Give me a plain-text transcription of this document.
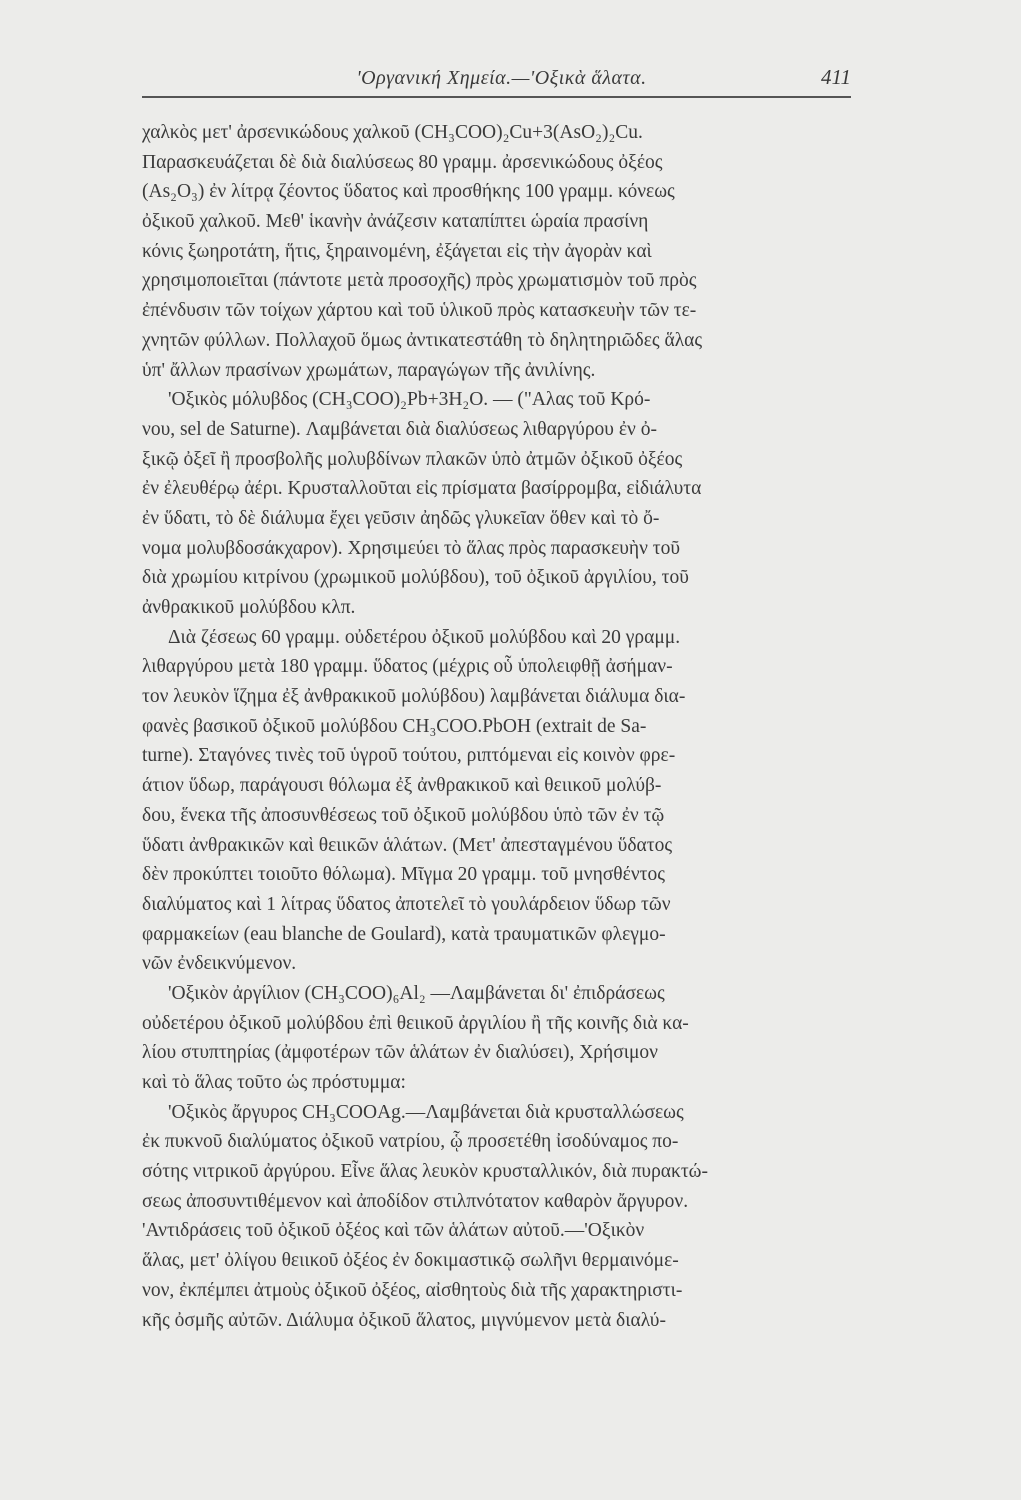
'Οργανική Χημεία.—'Οξικὰ ἅλατα.	411
χαλκὸς μετ' ἀρσενικώδους χαλκοῦ (CH₃COO)₂Cu+3(AsO₂)₂Cu.
Παρασκευάζεται δὲ διὰ διαλύσεως 80 γραμμ. ἀρσενικώδους ὀξέος
(As₂O₃) ἐν λίτρᾳ ζέοντος ὕδατος καὶ προσθήκης 100 γραμμ. κόνεως
ὀξικοῦ χαλκοῦ. Μεθ' ἱκανὴν ἀνάζεσιν καταπίπτει ὡραία πρασίνη
κόνις ξωηροτάτη, ἥτις, ξηραινομένη, ἐξάγεται εἰς τὴν ἀγορὰν καὶ
χρησιμοποιεῖται (πάντοτε μετὰ προσοχῆς) πρὸς χρωματισμὸν τοῦ πρὸς
ἐπένδυσιν τῶν τοίχων χάρτου καὶ τοῦ ὑλικοῦ πρὸς κατασκευὴν τῶν τε-
χνητῶν φύλλων. Πολλαχοῦ ὅμως ἀντικατεστάθη τὸ δηλητηριῶδες ἅλας
ὑπ' ἄλλων πρασίνων χρωμάτων, παραγώγων τῆς ἀνιλίνης.
'Οξικὸς μόλυβδος (CH₃COO)₂Pb+3H₂O. — ("Αλας τοῦ Κρό-
νου, sel de Saturne). Λαμβάνεται διὰ διαλύσεως λιθαργύρου ἐν ὀ-
ξικῷ ὀξεῖ ἢ προσβολῆς μολυβδίνων πλακῶν ὑπὸ ἀτμῶν ὀξικοῦ ὀξέος
ἐν ἐλευθέρῳ ἀέρι. Κρυσταλλοῦται εἰς πρίσματα βασίρρομβα, εἰδιάλυτα
ἐν ὕδατι, τὸ δὲ διάλυμα ἔχει γεῦσιν ἀηδῶς γλυκεῖαν ὅθεν καὶ τὸ ὄ-
νομα μολυβδοσάκχαρον). Χρησιμεύει τὸ ἅλας πρὸς παρασκευὴν τοῦ
διὰ χρωμίου κιτρίνου (χρωμικοῦ μολύβδου), τοῦ ὀξικοῦ ἀργιλίου, τοῦ
ἀνθρακικοῦ μολύβδου κλπ.
Διὰ ζέσεως 60 γραμμ. οὐδετέρου ὀξικοῦ μολύβδου καὶ 20 γραμμ.
λιθαργύρου μετὰ 180 γραμμ. ὕδατος (μέχρις οὗ ὑπολειφθῇ ἀσήμαν-
τον λευκὸν ἵζημα ἐξ ἀνθρακικοῦ μολύβδου) λαμβάνεται διάλυμα δια-
φανὲς βασικοῦ ὀξικοῦ μολύβδου CH₃COO.PbOH (extrait de Sa-
turne). Σταγόνες τινὲς τοῦ ὑγροῦ τούτου, ριπτόμεναι εἰς κοινὸν φρε-
άτιον ὕδωρ, παράγουσι θόλωμα ἐξ ἀνθρακικοῦ καὶ θειικοῦ μολύβ-
δου, ἕνεκα τῆς ἀποσυνθέσεως τοῦ ὀξικοῦ μολύβδου ὑπὸ τῶν ἐν τῷ
ὕδατι ἀνθρακικῶν καὶ θειικῶν ἁλάτων. (Μετ' ἀπεσταγμένου ὕδατος
δὲν προκύπτει τοιοῦτο θόλωμα). Μῖγμα 20 γραμμ. τοῦ μνησθέντος
διαλύματος καὶ 1 λίτρας ὕδατος ἀποτελεῖ τὸ γουλάρδειον ὕδωρ τῶν
φαρμακείων (eau blanche de Goulard), κατὰ τραυματικῶν φλεγμο-
νῶν ἐνδεικνύμενον.
'Οξικὸν ἀργίλιον (CH₃COO)₆Al₂ —Λαμβάνεται δι' ἐπιδράσεως
οὐδετέρου ὀξικοῦ μολύβδου ἐπὶ θειικοῦ ἀργιλίου ἢ τῆς κοινῆς διὰ κα-
λίου στυπτηρίας (ἀμφοτέρων τῶν ἁλάτων ἐν διαλύσει), Χρήσιμον
καὶ τὸ ἅλας τοῦτο ὡς πρόστυμμα:
'Οξικὸς ἄργυρος CH₃COOAg.—Λαμβάνεται διὰ κρυσταλλώσεως
ἐκ πυκνοῦ διαλύματος ὀξικοῦ νατρίου, ᾧ προσετέθη ἰσοδύναμος πο-
σότης νιτρικοῦ ἀργύρου. Εἶνε ἅλας λευκὸν κρυσταλλικόν, διὰ πυρακτώ-
σεως ἀποσυντιθέμενον καὶ ἀποδίδον στιλπνότατον καθαρὸν ἄργυρον.
'Αντιδράσεις τοῦ ὀξικοῦ ὀξέος καὶ τῶν ἁλάτων αὐτοῦ.—'Οξικὸν
ἅλας, μετ' ὀλίγου θειικοῦ ὀξέος ἐν δοκιμαστικῷ σωλῆνι θερμαινόμε-
νον, ἐκπέμπει ἀτμοὺς ὀξικοῦ ὀξέος, αἰσθητοὺς διὰ τῆς χαρακτηριστι-
κῆς ὀσμῆς αὐτῶν. Διάλυμα ὀξικοῦ ἅλατος, μιγνύμενον μετὰ διαλύ-
